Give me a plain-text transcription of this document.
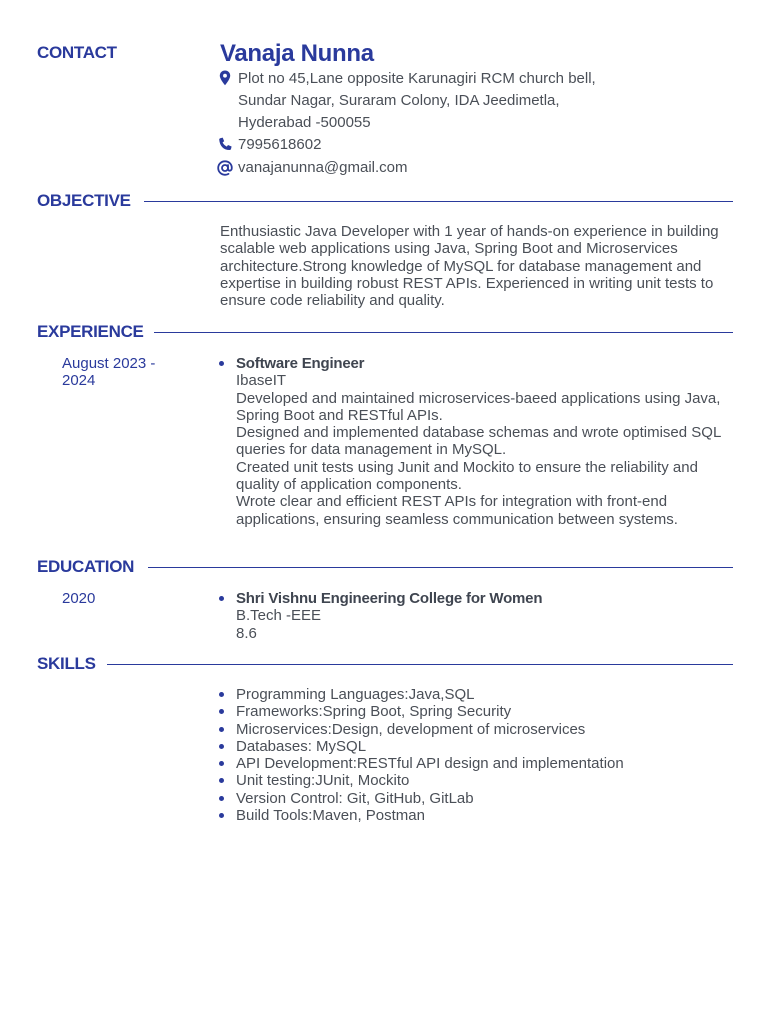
CONTACT	Vanaja Nunna
Plot no 45,Lane opposite Karunagiri RCM church bell,
Sundar Nagar, Suraram Colony, IDA Jeedimetla,
Hyderabad -500055
7995618602
vanajanunna@gmail.com
OBJECTIVE
Enthusiastic Java Developer with 1 year of hands-on experience in building scalable web applications using Java, Spring Boot and Microservices architecture.Strong knowledge of MySQL for database management and expertise in building robust REST APIs. Experienced in writing unit tests to ensure code reliability and quality.
EXPERIENCE
August 2023 - 2024
Software Engineer
IbaseIT
Developed and maintained microservices-baeed applications using Java, Spring Boot and RESTful APIs.
Designed and implemented database schemas and wrote optimised SQL queries for data management in MySQL.
Created unit tests using Junit and Mockito to ensure the reliability and quality of application components.
Wrote clear and efficient REST APIs for integration with front-end applications, ensuring seamless communication between systems.
EDUCATION
2020	Shri Vishnu Engineering College for Women
B.Tech -EEE
8.6
SKILLS
Programming Languages:Java,SQL
Frameworks:Spring Boot, Spring Security
Microservices:Design, development of microservices
Databases: MySQL
API Development:RESTful API design and implementation
Unit testing:JUnit, Mockito
Version Control: Git, GitHub, GitLab
Build Tools:Maven, Postman
